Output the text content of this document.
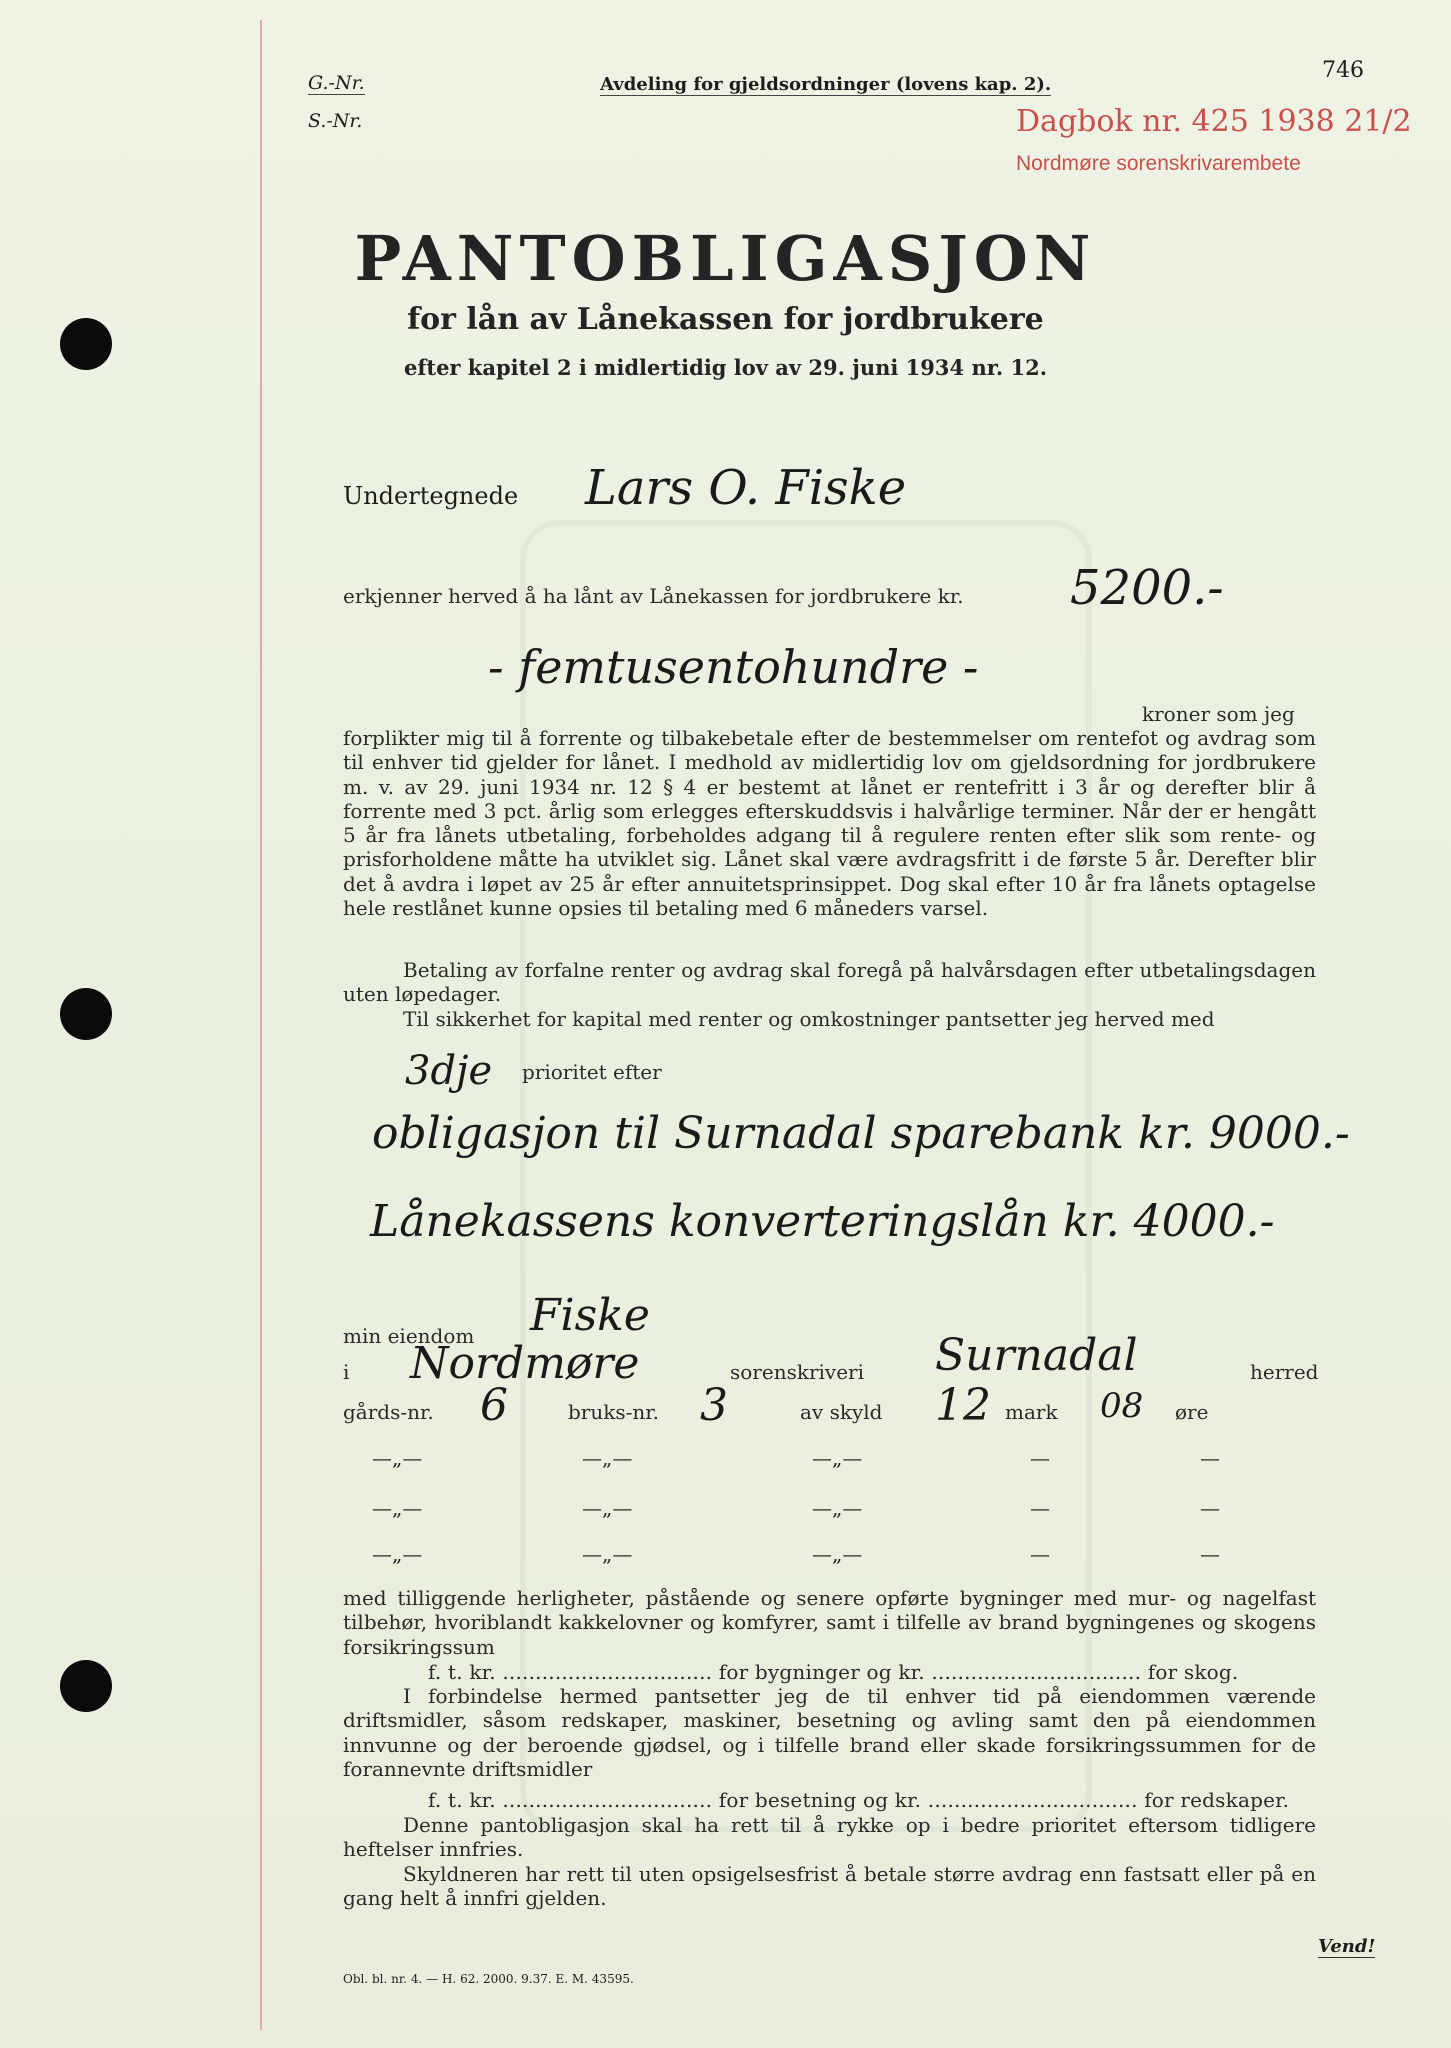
G.-Nr.
S.-Nr.
Avdeling for gjeldsordninger (lovens kap. 2).
746
Dagbok nr. 425 1938 21/2
Nordmøre sorenskrivarembete
PANTOBLIGASJON
for lån av Lånekassen for jordbrukere
efter kapitel 2 i midlertidig lov av 29. juni 1934 nr. 12.
Undertegnede Lars O. Fiske
erkjenner herved å ha lånt av Lånekassen for jordbrukere kr. 5200.-
- femtusentohundre -
kroner som jeg
forplikter mig til å forrente og tilbakebetale efter de bestemmelser om rentefot og avdrag som til enhver tid gjelder for lånet. I medhold av midlertidig lov om gjeldsordning for jordbrukere m. v. av 29. juni 1934 nr. 12 § 4 er bestemt at lånet er rentefritt i 3 år og derefter blir å forrente med 3 pct. årlig som erlegges efterskuddsvis i halvårlige terminer. Når der er hengått 5 år fra lånets utbetaling, forbeholdes adgang til å regulere renten efter slik som rente- og prisforholdene måtte ha utviklet sig. Lånet skal være avdragsfritt i de første 5 år. Derefter blir det å avdra i løpet av 25 år efter annuitetsprinsippet. Dog skal efter 10 år fra lånets optagelse hele restlånet kunne opsies til betaling med 6 måneders varsel.
Betaling av forfalne renter og avdrag skal foregå på halvårsdagen efter utbetalingsdagen uten løpedager.
Til sikkerhet for kapital med renter og omkostninger pantsetter jeg herved med
3dje prioritet efter
obligasjon til Surnadal sparebank kr. 9000.-
Lånekassens konverteringslån kr. 4000.-
min eiendom Fiske
i Nordmøre	sorenskriveri Surnadal	herred
gårds-nr. 6	bruks-nr. 3	av skyld 12 mark 08 øre
—„—	—„—	—„—	—	—
—„—	—„—	—„—	—	—
—„—	—„—	—„—	—	—
med tilliggende herligheter, påstående og senere opførte bygninger med mur- og nagelfast tilbehør, hvoriblandt kakkelovner og komfyrer, samt i tilfelle av brand bygningenes og skogens forsikringssum
f. t. kr. ................................ for bygninger og kr. ................................ for skog.
I forbindelse hermed pantsetter jeg de til enhver tid på eiendommen værende driftsmidler, såsom redskaper, maskiner, besetning og avling samt den på eiendommen innvunne og der beroende gjødsel, og i tilfelle brand eller skade forsikringssummen for de forannevnte driftsmidler
f. t. kr. ................................ for besetning og kr. ................................ for redskaper.
Denne pantobligasjon skal ha rett til å rykke op i bedre prioritet eftersom tidligere heftelser innfries.
Skyldneren har rett til uten opsigelsesfrist å betale større avdrag enn fastsatt eller på en gang helt å innfri gjelden.
Vend!
Obl. bl. nr. 4. — H. 62. 2000. 9.37. E. M. 43595.
